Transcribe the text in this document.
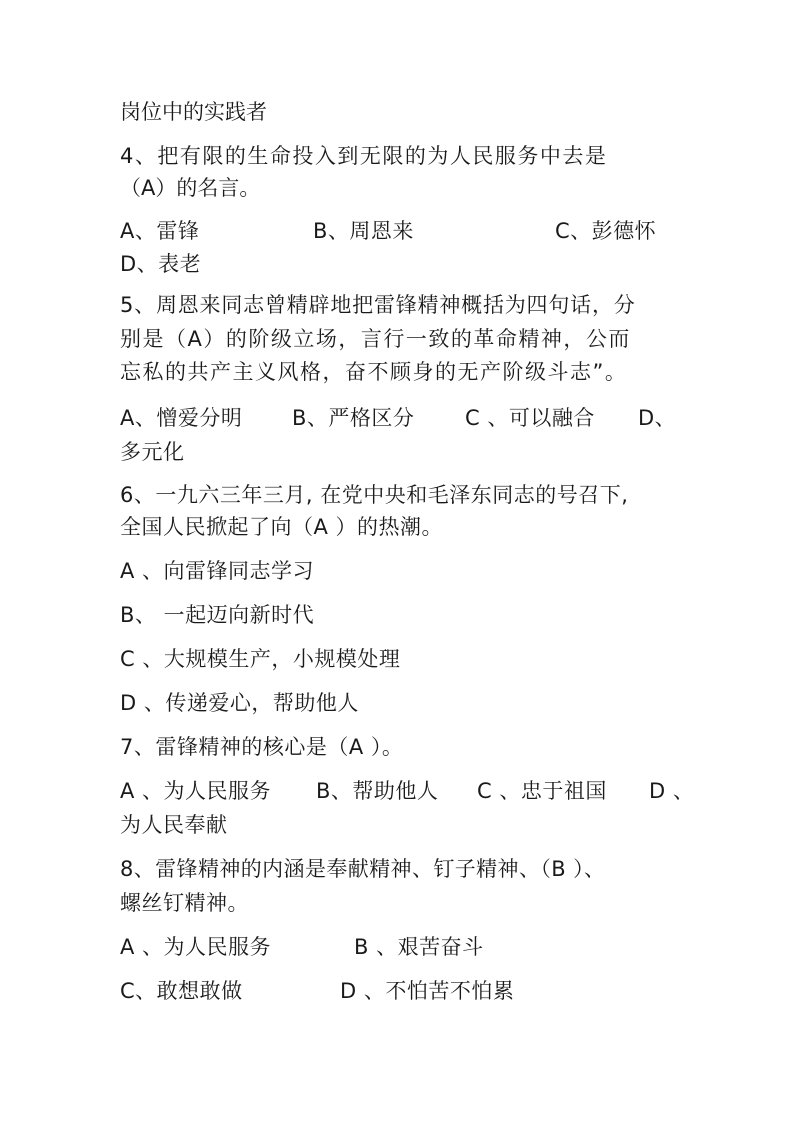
岗位中的实践者
4、把有限的生命投入到无限的为人民服务中去是
（A）的名言。
A、雷锋	B、周恩来	C、彭德怀
D、表老
5、周恩来同志曾精辟地把雷锋精神概括为四句话，分
别是（A）的阶级立场，言行一致的革命精神，公而
忘私的共产主义风格，奋不顾身的无产阶级斗志”。
A、憎爱分明 B、严格区分 C 、可以融合 D、
多元化
6、一九六三年三月, 在党中央和毛泽东同志的号召下,
全国人民掀起了向（A ）的热潮。
A 、向雷锋同志学习
B、 一起迈向新时代
C 、大规模生产，小规模处理
D 、传递爱心，帮助他人
7、雷锋精神的核心是（A ）。
A 、为人民服务 B、帮助他人 C 、忠于祖国 D 、
为人民奉献
8、雷锋精神的内涵是奉献精神、钉子精神、（B ）、
螺丝钉精神。
A 、为人民服务	B 、艰苦奋斗
C、敢想敢做	D 、不怕苦不怕累
